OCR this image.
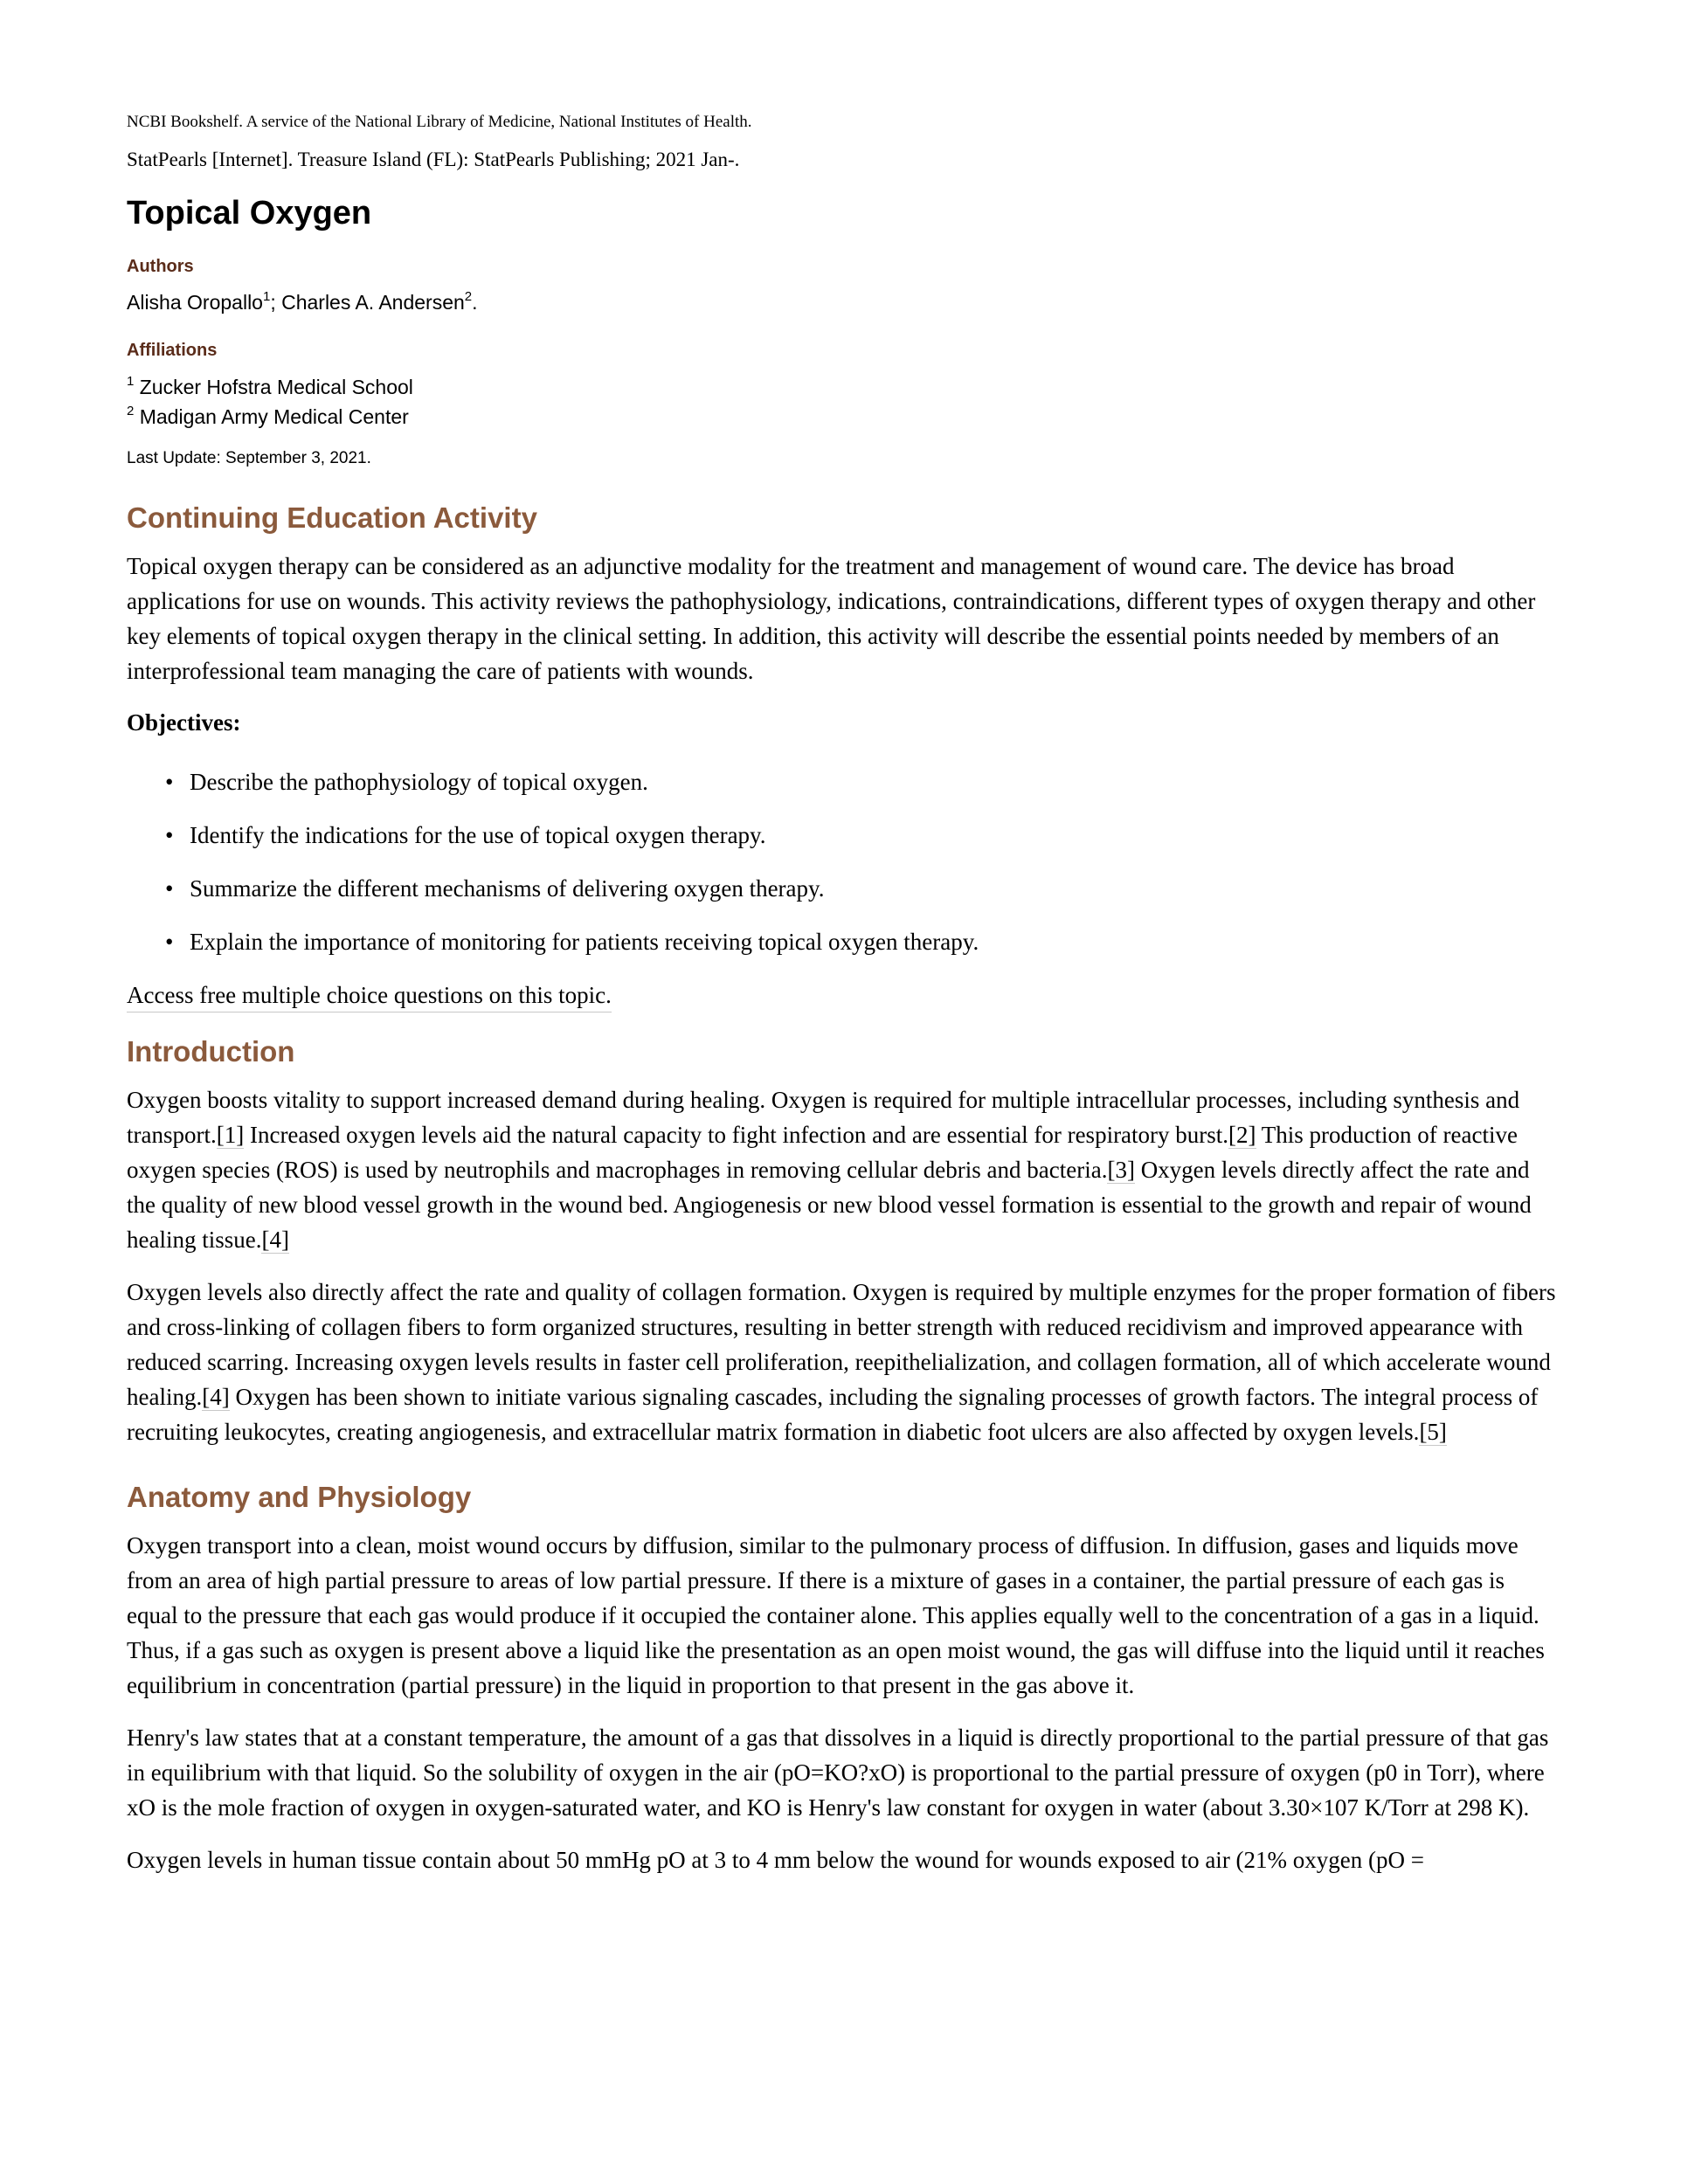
NCBI Bookshelf. A service of the National Library of Medicine, National Institutes of Health.
StatPearls [Internet]. Treasure Island (FL): StatPearls Publishing; 2021 Jan-.
Topical Oxygen
Authors
Alisha Oropallo$^1$; Charles A. Andersen$^2$.
Affiliations
$^1$ Zucker Hofstra Medical School
$^2$ Madigan Army Medical Center
Last Update: September 3, 2021.
Continuing Education Activity

Topical oxygen therapy can be considered as an adjunctive modality for the treatment and management of wound care. The device has broad applications for use on wounds. This activity reviews the pathophysiology, indications, contraindications, different types of oxygen therapy and other key elements of topical oxygen therapy in the clinical setting. In addition, this activity will describe the essential points needed by members of an interprofessional team managing the care of patients with wounds.

Objectives:
• Describe the pathophysiology of topical oxygen.
• Identify the indications for the use of topical oxygen therapy.
• Summarize the different mechanisms of delivering oxygen therapy.
• Explain the importance of monitoring for patients receiving topical oxygen therapy.
Access free multiple choice questions on this topic.
Introduction

Oxygen boosts vitality to support increased demand during healing. Oxygen is required for multiple intracellular processes, including synthesis and transport.[1] Increased oxygen levels aid the natural capacity to fight infection and are essential for respiratory burst.[2] This production of reactive oxygen species (ROS) is used by neutrophils and macrophages in removing cellular debris and bacteria.[3] Oxygen levels directly affect the rate and the quality of new blood vessel growth in the wound bed. Angiogenesis or new blood vessel formation is essential to the growth and repair of wound healing tissue.[4]

Oxygen levels also directly affect the rate and quality of collagen formation. Oxygen is required by multiple enzymes for the proper formation of fibers and cross-linking of collagen fibers to form organized structures, resulting in better strength with reduced recidivism and improved appearance with reduced scarring. Increasing oxygen levels results in faster cell proliferation, reepithelialization, and collagen formation, all of which accelerate wound healing.[4] Oxygen has been shown to initiate various signaling cascades, including the signaling processes of growth factors. The integral process of recruiting leukocytes, creating angiogenesis, and extracellular matrix formation in diabetic foot ulcers are also affected by oxygen levels.[5]

Anatomy and Physiology

Oxygen transport into a clean, moist wound occurs by diffusion, similar to the pulmonary process of diffusion. In diffusion, gases and liquids move from an area of high partial pressure to areas of low partial pressure. If there is a mixture of gases in a container, the partial pressure of each gas is equal to the pressure that each gas would produce if it occupied the container alone. This applies equally well to the concentration of a gas in a liquid. Thus, if a gas such as oxygen is present above a liquid like the presentation as an open moist wound, the gas will diffuse into the liquid until it reaches equilibrium in concentration (partial pressure) in the liquid in proportion to that present in the gas above it.

Henry's law states that at a constant temperature, the amount of a gas that dissolves in a liquid is directly proportional to the partial pressure of that gas in equilibrium with that liquid. So the solubility of oxygen in the air (pO=KO?xO) is proportional to the partial pressure of oxygen (p0 in Torr), where xO is the mole fraction of oxygen in oxygen-saturated water, and KO is Henry's law constant for oxygen in water (about 3.30×107 K/Torr at 298 K).

Oxygen levels in human tissue contain about 50 mmHg pO at 3 to 4 mm below the wound for wounds exposed to air (21% oxygen (pO =
